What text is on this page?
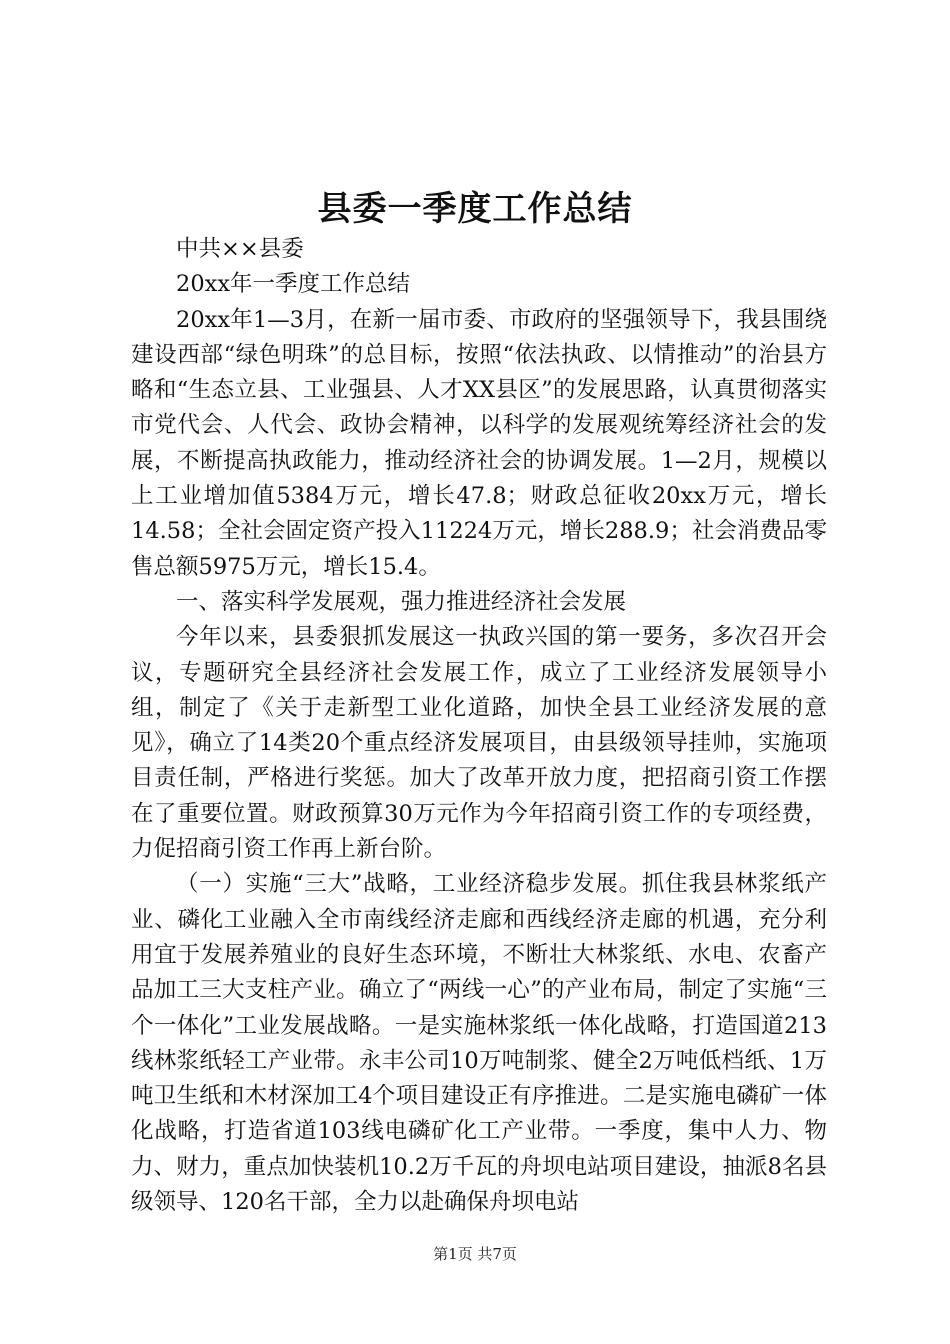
县委一季度工作总结

中共××县委

20xx年一季度工作总结

20xx年1—3月，在新一届市委、市政府的坚强领导下，我县围绕建设西部“绿色明珠”的总目标，按照“依法执政、以情推动”的治县方略和“生态立县、工业强县、人才XX县区”的发展思路，认真贯彻落实市党代会、人代会、政协会精神，以科学的发展观统筹经济社会的发展，不断提高执政能力，推动经济社会的协调发展。1—2月，规模以上工业增加值5384万元，增长47.8；财政总征收20xx万元，增长14.58；全社会固定资产投入11224万元，增长288.9；社会消费品零售总额5975万元，增长15.4。

一、落实科学发展观，强力推进经济社会发展

今年以来，县委狠抓发展这一执政兴国的第一要务，多次召开会议，专题研究全县经济社会发展工作，成立了工业经济发展领导小组，制定了《关于走新型工业化道路，加快全县工业经济发展的意见》，确立了14类20个重点经济发展项目，由县级领导挂帅，实施项目责任制，严格进行奖惩。加大了改革开放力度，把招商引资工作摆在了重要位置。财政预算30万元作为今年招商引资工作的专项经费，力促招商引资工作再上新台阶。

（一）实施“三大”战略，工业经济稳步发展。抓住我县林浆纸产业、磷化工业融入全市南线经济走廊和西线经济走廊的机遇，充分利用宜于发展养殖业的良好生态环境，不断壮大林浆纸、水电、农畜产品加工三大支柱产业。确立了“两线一心”的产业布局，制定了实施“三个一体化”工业发展战略。一是实施林浆纸一体化战略，打造国道213线林浆纸轻工产业带。永丰公司10万吨制浆、健全2万吨低档纸、1万吨卫生纸和木材深加工4个项目建设正有序推进。二是实施电磷矿一体化战略，打造省道103线电磷矿化工产业带。一季度，集中人力、物力、财力，重点加快装机10.2万千瓦的舟坝电站项目建设，抽派8名县级领导、120名干部，全力以赴确保舟坝电站

第1页 共7页
